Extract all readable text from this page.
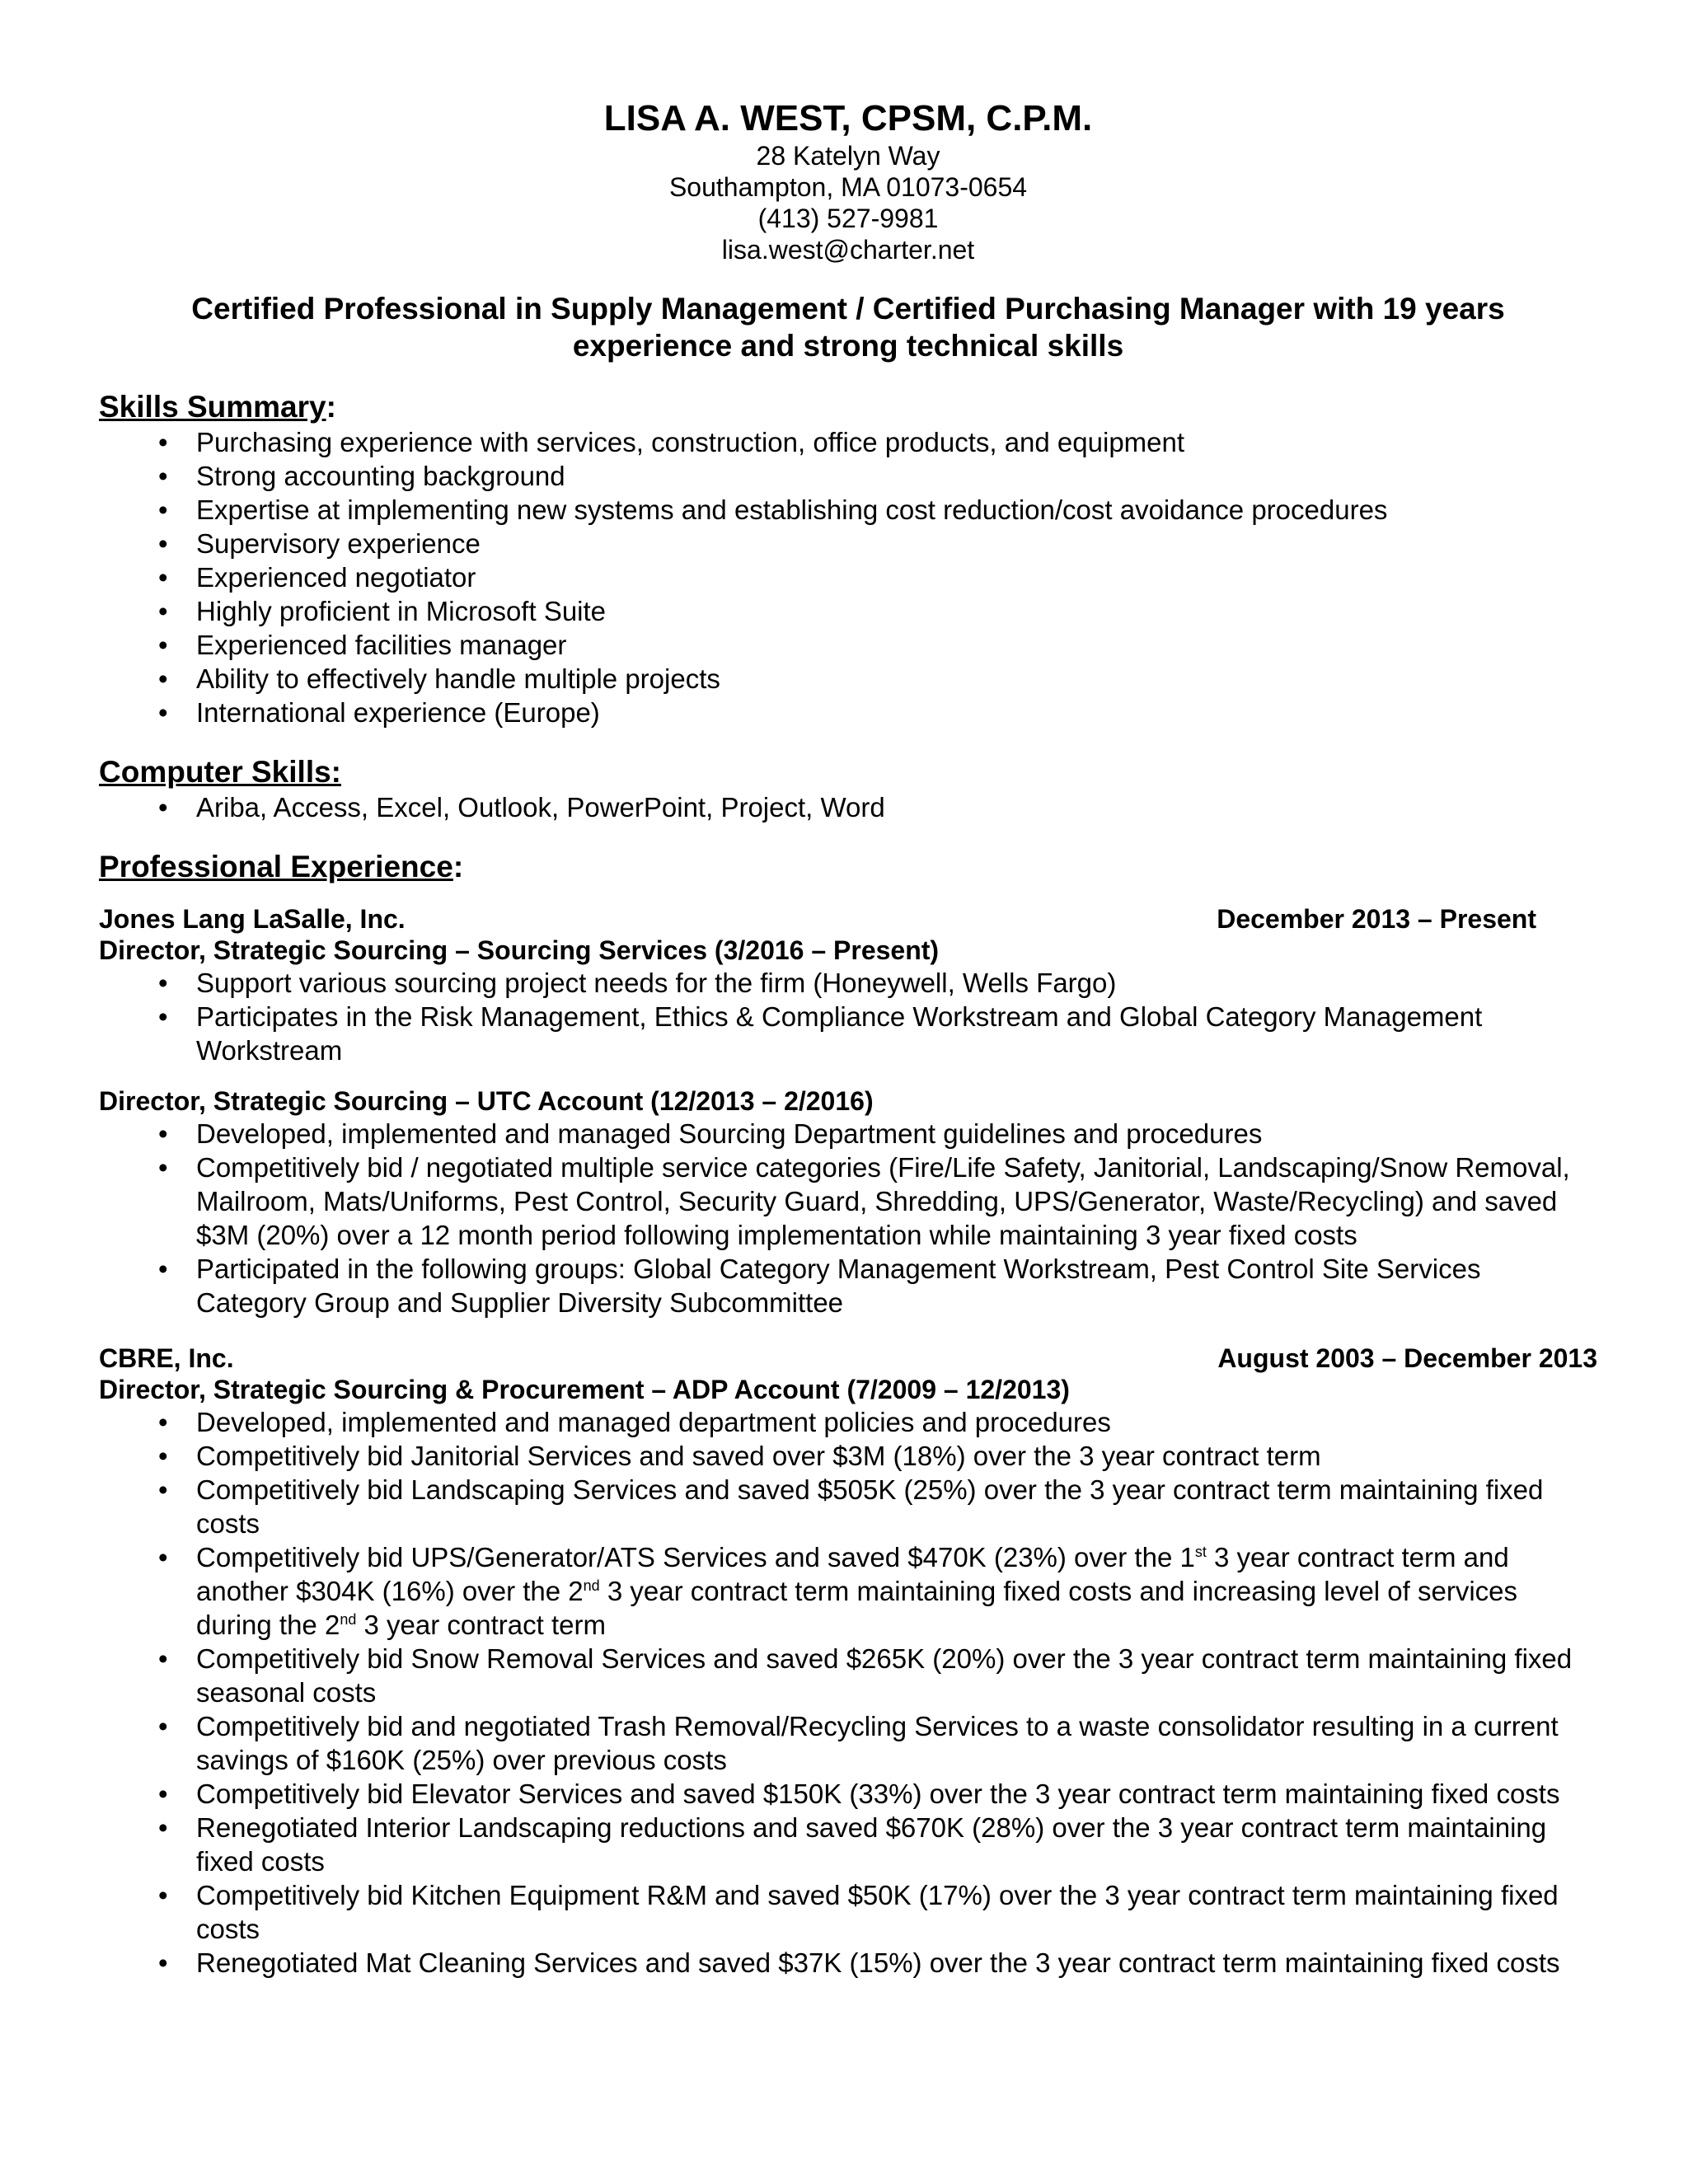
LISA A. WEST, CPSM, C.P.M.
28 Katelyn Way
Southampton, MA 01073-0654
(413) 527-9981
lisa.west@charter.net
Certified Professional in Supply Management / Certified Purchasing Manager with 19 years experience and strong technical skills
Skills Summary:
• Purchasing experience with services, construction, office products, and equipment
• Strong accounting background
• Expertise at implementing new systems and establishing cost reduction/cost avoidance procedures
• Supervisory experience
• Experienced negotiator
• Highly proficient in Microsoft Suite
• Experienced facilities manager
• Ability to effectively handle multiple projects
• International experience (Europe)
Computer Skills:
• Ariba, Access, Excel, Outlook, PowerPoint, Project, Word
Professional Experience:
Jones Lang LaSalle, Inc.	December 2013 – Present
Director, Strategic Sourcing – Sourcing Services (3/2016 – Present)
• Support various sourcing project needs for the firm (Honeywell, Wells Fargo)
• Participates in the Risk Management, Ethics & Compliance Workstream and Global Category Management Workstream
Director, Strategic Sourcing – UTC Account (12/2013 – 2/2016)
• Developed, implemented and managed Sourcing Department guidelines and procedures
• Competitively bid / negotiated multiple service categories (Fire/Life Safety, Janitorial, Landscaping/Snow Removal, Mailroom, Mats/Uniforms, Pest Control, Security Guard, Shredding, UPS/Generator, Waste/Recycling) and saved $3M (20%) over a 12 month period following implementation while maintaining 3 year fixed costs
• Participated in the following groups: Global Category Management Workstream, Pest Control Site Services Category Group and Supplier Diversity Subcommittee
CBRE, Inc.	August 2003 – December 2013
Director, Strategic Sourcing & Procurement – ADP Account (7/2009 – 12/2013)
• Developed, implemented and managed department policies and procedures
• Competitively bid Janitorial Services and saved over $3M (18%) over the 3 year contract term
• Competitively bid Landscaping Services and saved $505K (25%) over the 3 year contract term maintaining fixed costs
• Competitively bid UPS/Generator/ATS Services and saved $470K (23%) over the 1st 3 year contract term and another $304K (16%) over the 2nd 3 year contract term maintaining fixed costs and increasing level of services during the 2nd 3 year contract term
• Competitively bid Snow Removal Services and saved $265K (20%) over the 3 year contract term maintaining fixed seasonal costs
• Competitively bid and negotiated Trash Removal/Recycling Services to a waste consolidator resulting in a current savings of $160K (25%) over previous costs
• Competitively bid Elevator Services and saved $150K (33%) over the 3 year contract term maintaining fixed costs
• Renegotiated Interior Landscaping reductions and saved $670K (28%) over the 3 year contract term maintaining fixed costs
• Competitively bid Kitchen Equipment R&M and saved $50K (17%) over the 3 year contract term maintaining fixed costs
• Renegotiated Mat Cleaning Services and saved $37K (15%) over the 3 year contract term maintaining fixed costs
